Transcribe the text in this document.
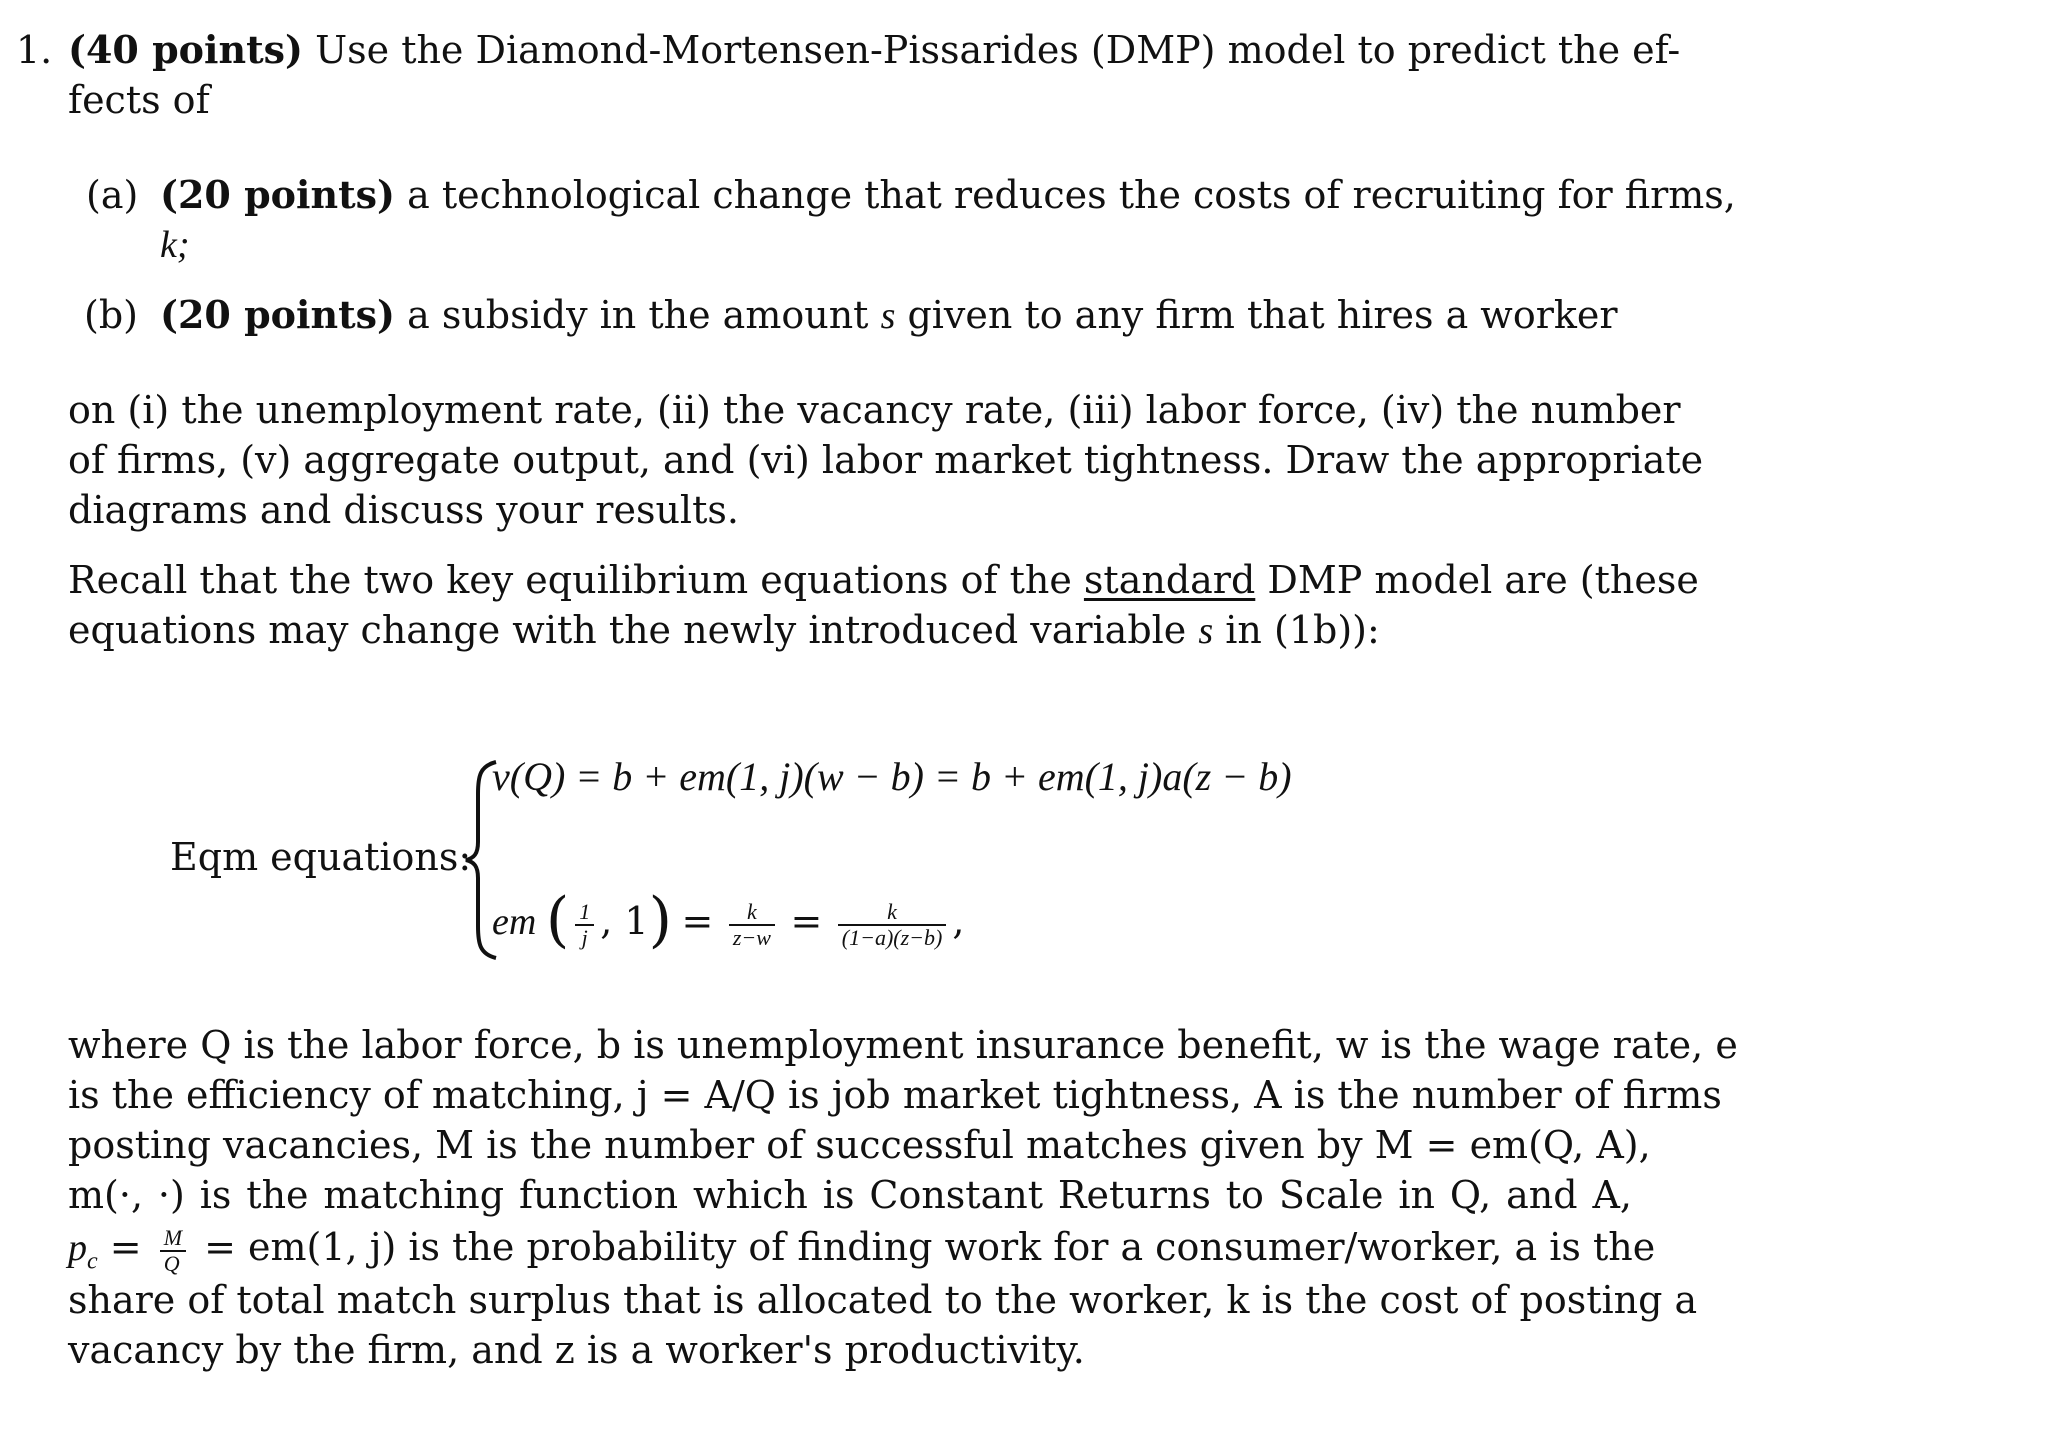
1. (40 points) Use the Diamond-Mortensen-Pissarides (DMP) model to predict the ef-
fects of
(a) (20 points) a technological change that reduces the costs of recruiting for firms,
k;
(b) (20 points) a subsidy in the amount s given to any firm that hires a worker
on (i) the unemployment rate, (ii) the vacancy rate, (iii) labor force, (iv) the number
of firms, (v) aggregate output, and (vi) labor market tightness. Draw the appropriate
diagrams and discuss your results.
Recall that the two key equilibrium equations of the standard DMP model are (these
equations may change with the newly introduced variable s in (1b)):
Eqm equations:
v(Q) = b + em(1, j)(w − b) = b + em(1, j)a(z − b)
em ( $\frac{1}{j}$ , $1) = \frac{k}{z-w} = \frac{k}{(1-a)(z-b)}$ ,
where Q is the labor force, b is unemployment insurance benefit, w is the wage rate, e
is the efficiency of matching, j = A/Q is job market tightness, A is the number of firms
posting vacancies, M is the number of successful matches given by M = em(Q, A),
m(·, ·) is the matching function which is Constant Returns to Scale in Q, and A,
$p_c = \frac{M}{Q} = em(1$, j) is the probability of finding work for a consumer/worker, a is the
share of total match surplus that is allocated to the worker, k is the cost of posting a
vacancy by the firm, and z is a worker's productivity.
